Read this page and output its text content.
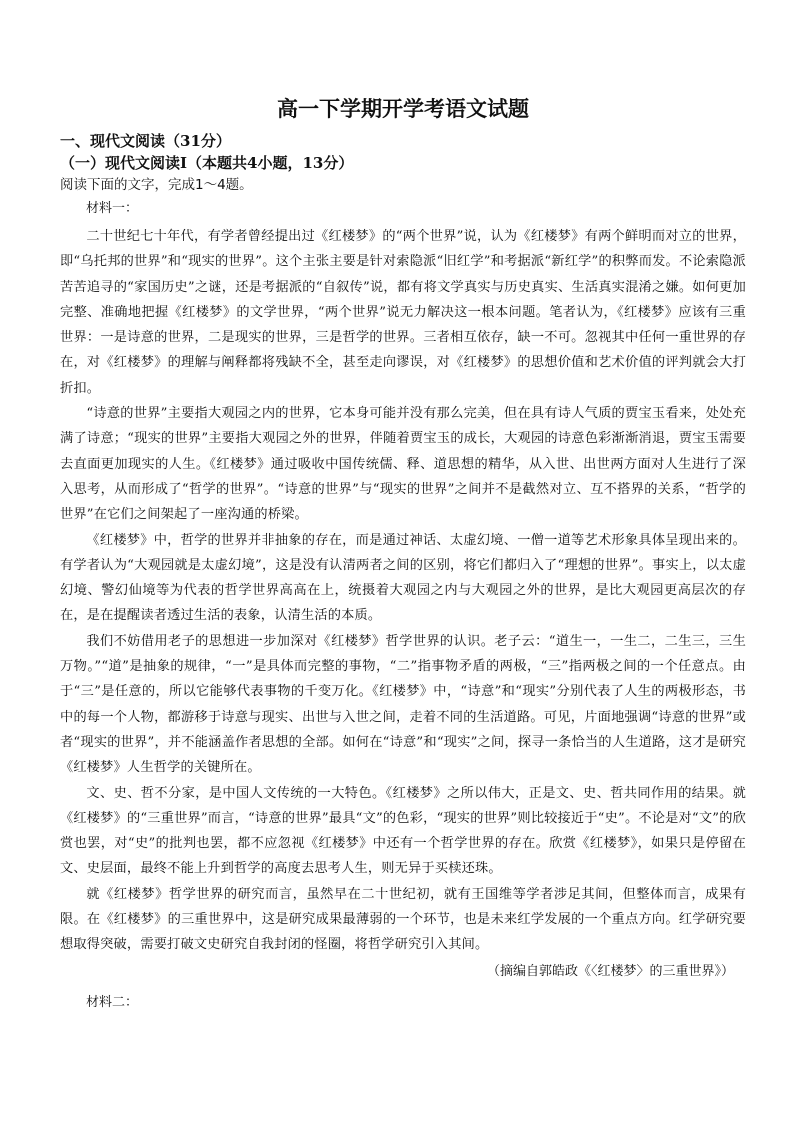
高一下学期开学考语文试题

一、现代文阅读（31分）

（一）现代文阅读Ⅰ（本题共4小题，13分）

阅读下面的文字，完成1～4题。

材料一：

二十世纪七十年代，有学者曾经提出过《红楼梦》的“两个世界”说，认为《红楼梦》有两个鲜明而对立的世界，即“乌托邦的世界”和“现实的世界”。这个主张主要是针对索隐派“旧红学”和考据派“新红学”的积弊而发。不论索隐派苦苦追寻的“家国历史”之谜，还是考据派的“自叙传”说，都有将文学真实与历史真实、生活真实混淆之嫌。如何更加完整、准确地把握《红楼梦》的文学世界，“两个世界”说无力解决这一根本问题。笔者认为，《红楼梦》应该有三重世界：一是诗意的世界，二是现实的世界，三是哲学的世界。三者相互依存，缺一不可。忽视其中任何一重世界的存在，对《红楼梦》的理解与阐释都将残缺不全，甚至走向谬误，对《红楼梦》的思想价值和艺术价值的评判就会大打折扣。

“诗意的世界”主要指大观园之内的世界，它本身可能并没有那么完美，但在具有诗人气质的贾宝玉看来，处处充满了诗意；“现实的世界”主要指大观园之外的世界，伴随着贾宝玉的成长，大观园的诗意色彩渐渐消退，贾宝玉需要去直面更加现实的人生。《红楼梦》通过吸收中国传统儒、释、道思想的精华，从入世、出世两方面对人生进行了深入思考，从而形成了“哲学的世界”。“诗意的世界”与“现实的世界”之间并不是截然对立、互不搭界的关系，“哲学的世界”在它们之间架起了一座沟通的桥梁。

《红楼梦》中，哲学的世界并非抽象的存在，而是通过神话、太虚幻境、一僧一道等艺术形象具体呈现出来的。有学者认为“大观园就是太虚幻境”，这是没有认清两者之间的区别，将它们都归入了“理想的世界”。事实上，以太虚幻境、警幻仙境等为代表的哲学世界高高在上，统摄着大观园之内与大观园之外的世界，是比大观园更高层次的存在，是在提醒读者透过生活的表象，认清生活的本质。

我们不妨借用老子的思想进一步加深对《红楼梦》哲学世界的认识。老子云：“道生一，一生二，二生三，三生万物。”“道”是抽象的规律，“一”是具体而完整的事物，“二”指事物矛盾的两极，“三”指两极之间的一个任意点。由于“三”是任意的，所以它能够代表事物的千变万化。《红楼梦》中，“诗意”和“现实”分别代表了人生的两极形态，书中的每一个人物，都游移于诗意与现实、出世与入世之间，走着不同的生活道路。可见，片面地强调“诗意的世界”或者“现实的世界”，并不能涵盖作者思想的全部。如何在“诗意”和“现实”之间，探寻一条恰当的人生道路，这才是研究《红楼梦》人生哲学的关键所在。

文、史、哲不分家，是中国人文传统的一大特色。《红楼梦》之所以伟大，正是文、史、哲共同作用的结果。就《红楼梦》的“三重世界”而言，“诗意的世界”最具“文”的色彩，“现实的世界”则比较接近于“史”。不论是对“文”的欣赏也罢，对“史”的批判也罢，都不应忽视《红楼梦》中还有一个哲学世界的存在。欣赏《红楼梦》，如果只是停留在文、史层面，最终不能上升到哲学的高度去思考人生，则无异于买椟还珠。

就《红楼梦》哲学世界的研究而言，虽然早在二十世纪初，就有王国维等学者涉足其间，但整体而言，成果有限。在《红楼梦》的三重世界中，这是研究成果最薄弱的一个环节，也是未来红学发展的一个重点方向。红学研究要想取得突破，需要打破文史研究自我封闭的怪圈，将哲学研究引入其间。

（摘编自郭皓政《〈红楼梦〉的三重世界》）

材料二：
